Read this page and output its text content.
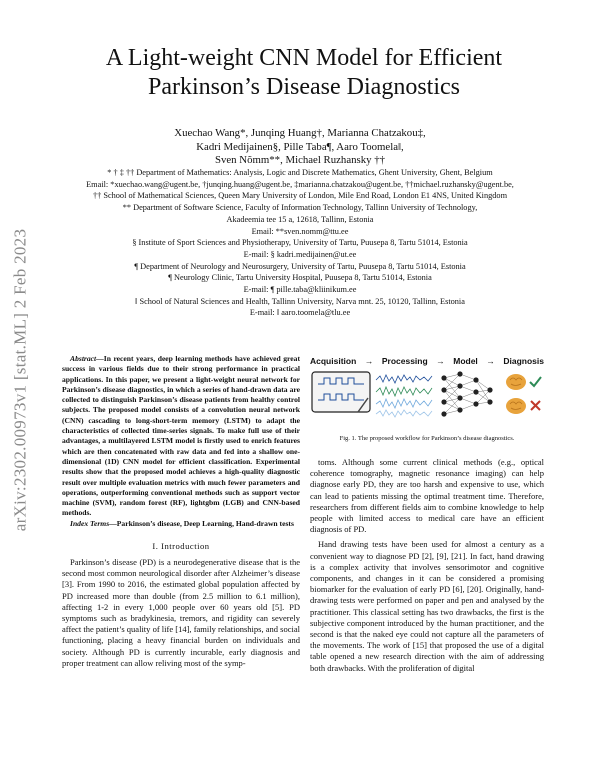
arXiv:2302.00973v1 [stat.ML] 2 Feb 2023
A Light-weight CNN Model for Efficient
Parkinson’s Disease Diagnostics
Xuechao Wang*, Junqing Huang†, Marianna Chatzakou‡,
Kadri Medijainen§, Pille Taba¶, Aaro Toomela‖,
Sven Nõmm**, Michael Ruzhansky ††
* † ‡ †† Department of Mathematics: Analysis, Logic and Discrete Mathematics, Ghent University, Ghent, Belgium
Email: *xuechao.wang@ugent.be, †junqing.huang@ugent.be, ‡marianna.chatzakou@ugent.be, ††michael.ruzhansky@ugent.be,
†† School of Mathematical Sciences, Queen Mary University of London, Mile End Road, London E1 4NS, United Kingdom
** Department of Software Science, Faculty of Information Technology, Tallinn University of Technology,
Akadeemia tee 15 a, 12618, Tallinn, Estonia
Email: **sven.nomm@ttu.ee
§ Institute of Sport Sciences and Physiotherapy, University of Tartu, Puusepa 8, Tartu 51014, Estonia
E-mail: § kadri.medijainen@ut.ee
¶ Department of Neurology and Neurosurgery, University of Tartu, Puusepa 8, Tartu 51014, Estonia
¶ Neurology Clinic, Tartu University Hospital, Puusepa 8, Tartu 51014, Estonia
E-mail: ¶ pille.taba@kliinikum.ee
‖ School of Natural Sciences and Health, Tallinn University, Narva mnt. 25, 10120, Tallinn, Estonia
E-mail: ‖ aaro.toomela@tlu.ee

Abstract—In recent years, deep learning methods have achieved great success in various fields due to their strong performance in practical applications. In this paper, we present a light-weight neural network for Parkinson’s disease diagnostics, in which a series of hand-drawn data are collected to distinguish Parkinson’s disease patients from healthy control subjects. The proposed model consists of a convolution neural network (CNN) cascading to long-short-term memory (LSTM) to adapt the characteristics of collected time-series signals. To make full use of their advantages, a multilayered LSTM model is firstly used to enrich features which are then concatenated with raw data and fed into a shallow one-dimensional (1D) CNN model for efficient classification. Experimental results show that the proposed model achieves a high-quality diagnostic result over multiple evaluation metrics with much fewer parameters and operations, outperforming conventional methods such as support vector machine (SVM), random forest (RF), lightgbm (LGB) and CNN-based methods.

Index Terms—Parkinson’s disease, Deep Learning, Hand-drawn tests

I. Introduction

Parkinson’s disease (PD) is a neurodegenerative disease that is the second most common neurological disorder after Alzheimer’s disease [3]. From 1990 to 2016, the estimated global population affected by PD increased more than double (from 2.5 million to 6.1 million), affecting 1-2 in every 1,000 people over 60 years old [5]. PD symptoms such as bradykinesia, tremors, and rigidity can severely affect the patient’s quality of life [14], family relationships, and social functioning, placing a heavy financial burden on individuals and society. Although PD is currently incurable, early diagnosis and proper treatment can allow reliving most of the symp-

Acquisition → Processing → Model → Diagnosis
Fig. 1. The proposed workflow for Parkinson’s disease diagnostics.

toms. Although some current clinical methods (e.g., optical coherence tomography, magnetic resonance imaging) can help diagnose early PD, they are too harsh and expensive to use, which can lead to patients missing the optimal treatment time. Therefore, researchers from different fields aim to combine knowledge to help people with limited access to medical care have an efficient diagnosis of PD.

Hand drawing tests have been used for almost a century as a convenient way to diagnose PD [2], [9], [21]. In fact, hand drawing is a complex activity that involves sensorimotor and cognitive components, and changes in it can be considered a promising biomarker for the evaluation of early PD [6], [20]. Originally, hand-drawing tests were performed on paper and pen and analysed by the practitioner. This classical setting has two drawbacks, the first is the subjective component introduced by the human practitioner, and the second is that the naked eye could not capture all the parameters of the movements. The work of [15] that proposed the use of a digital table opened a new research direction with the aim of addressing both drawbacks. With the proliferation of digital
